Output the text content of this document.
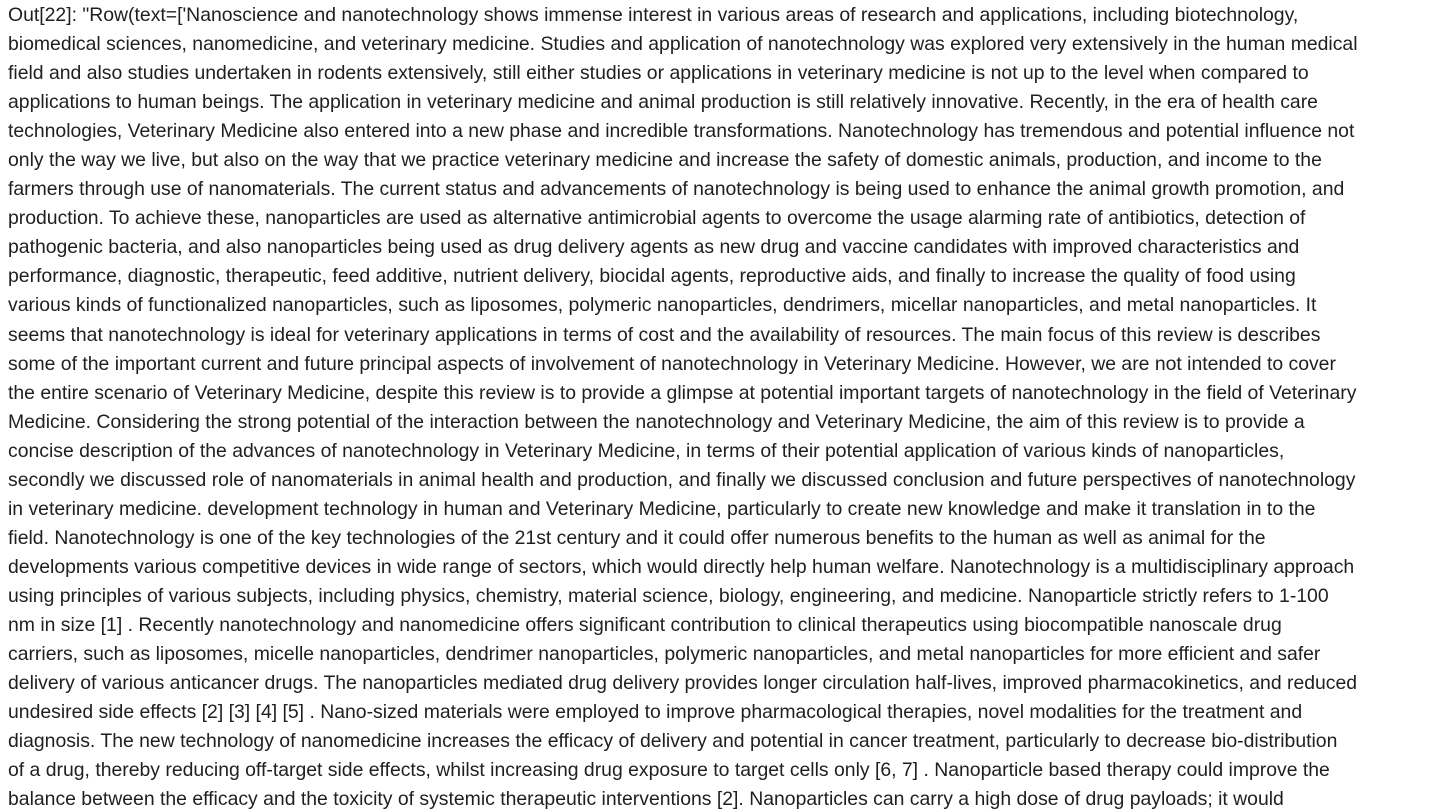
Out[22]: "Row(text=['Nanoscience and nanotechnology shows immense interest in various areas of research and applications, including biotechnology,
biomedical sciences, nanomedicine, and veterinary medicine. Studies and application of nanotechnology was explored very extensively in the human medical
field and also studies undertaken in rodents extensively, still either studies or applications in veterinary medicine is not up to the level when compared to
applications to human beings. The application in veterinary medicine and animal production is still relatively innovative. Recently, in the era of health care
technologies, Veterinary Medicine also entered into a new phase and incredible transformations. Nanotechnology has tremendous and potential influence not
only the way we live, but also on the way that we practice veterinary medicine and increase the safety of domestic animals, production, and income to the
farmers through use of nanomaterials. The current status and advancements of nanotechnology is being used to enhance the animal growth promotion, and
production. To achieve these, nanoparticles are used as alternative antimicrobial agents to overcome the usage alarming rate of antibiotics, detection of
pathogenic bacteria, and also nanoparticles being used as drug delivery agents as new drug and vaccine candidates with improved characteristics and
performance, diagnostic, therapeutic, feed additive, nutrient delivery, biocidal agents, reproductive aids, and finally to increase the quality of food using
various kinds of functionalized nanoparticles, such as liposomes, polymeric nanoparticles, dendrimers, micellar nanoparticles, and metal nanoparticles. It
seems that nanotechnology is ideal for veterinary applications in terms of cost and the availability of resources. The main focus of this review is describes
some of the important current and future principal aspects of involvement of nanotechnology in Veterinary Medicine. However, we are not intended to cover
the entire scenario of Veterinary Medicine, despite this review is to provide a glimpse at potential important targets of nanotechnology in the field of Veterinary
Medicine. Considering the strong potential of the interaction between the nanotechnology and Veterinary Medicine, the aim of this review is to provide a
concise description of the advances of nanotechnology in Veterinary Medicine, in terms of their potential application of various kinds of nanoparticles,
secondly we discussed role of nanomaterials in animal health and production, and finally we discussed conclusion and future perspectives of nanotechnology
in veterinary medicine. development technology in human and Veterinary Medicine, particularly to create new knowledge and make it translation in to the
field. Nanotechnology is one of the key technologies of the 21st century and it could offer numerous benefits to the human as well as animal for the
developments various competitive devices in wide range of sectors, which would directly help human welfare. Nanotechnology is a multidisciplinary approach
using principles of various subjects, including physics, chemistry, material science, biology, engineering, and medicine. Nanoparticle strictly refers to 1-100
nm in size [1] . Recently nanotechnology and nanomedicine offers significant contribution to clinical therapeutics using biocompatible nanoscale drug
carriers, such as liposomes, micelle nanoparticles, dendrimer nanoparticles, polymeric nanoparticles, and metal nanoparticles for more efficient and safer
delivery of various anticancer drugs. The nanoparticles mediated drug delivery provides longer circulation half-lives, improved pharmacokinetics, and reduced
undesired side effects [2] [3] [4] [5] . Nano-sized materials were employed to improve pharmacological therapies, novel modalities for the treatment and
diagnosis. The new technology of nanomedicine increases the efficacy of delivery and potential in cancer treatment, particularly to decrease bio-distribution
of a drug, thereby reducing off-target side effects, whilst increasing drug exposure to target cells only [6, 7] . Nanoparticle based therapy could improve the
balance between the efficacy and the toxicity of systemic therapeutic interventions [2]. Nanoparticles can carry a high dose of drug payloads; it would
